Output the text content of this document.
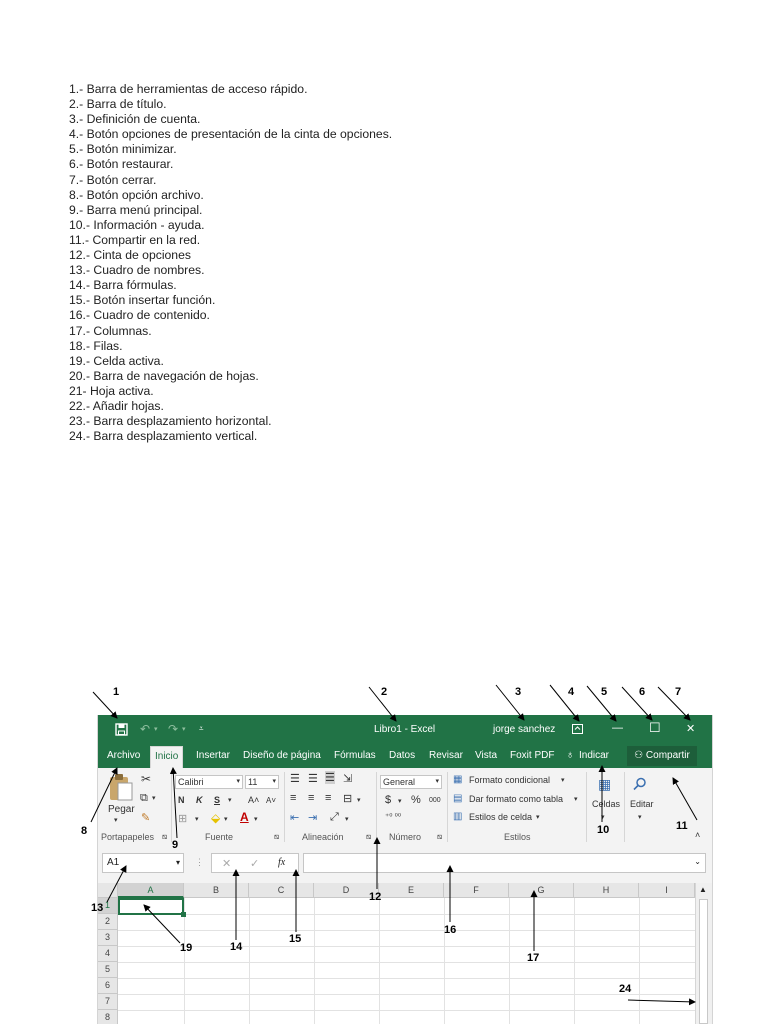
1.- Barra de herramientas de acceso rápido.
2.- Barra de título.
3.- Definición de cuenta.
4.- Botón opciones de presentación de la cinta de opciones.
5.- Botón minimizar.
6.- Botón restaurar.
7.- Botón cerrar.
8.- Botón opción archivo.
9.- Barra menú principal.
10.- Información - ayuda.
11.- Compartir en la red.
12.- Cinta de opciones
13.- Cuadro de nombres.
14.- Barra fórmulas.
15.- Botón insertar función.
16.- Cuadro de contenido.
17.- Columnas.
18.- Filas.
19.- Celda activa.
20.- Barra de navegación de hojas.
21- Hoja activa.
22.- Añadir hojas.
23.- Barra desplazamiento horizontal.
24.- Barra desplazamiento vertical.
↶ ▾ ↷ ▾ ⩡	Libro1 - Excel	jorge sanchez	— ☐ ✕
Archivo	Inicio	Insertar Diseño de página Fórmulas Datos Revisar Vista Foxit PDF ♁ Indicar	⚇ Compartir
Pegar
▾
✂
⧉ ▾
✎
Portapapeles ⧅
Calibri	▾ 11 ▾
N K S ▾ A˄ A˅
⊞ ▾ ⬙ ▾ A ▾
Fuente	⧅
☰ ☰ ☰ ⇲
≡ ≡ ≡ ⊟ ▾
⇤ ⇥ ⤢ ▾
Alineación	⧅
General	▾
$ ▾ % 000
⁺⁰ ⁰⁰
Número ⧅
▦ Formato condicional ▾
▤ Dar formato como tabla ▾
▥ Estilos de celda ▾
Estilos
▦
Celdas
▾
Editar
▾
˄
A1	▾ ⋮ ✕ ✓ fx	⌄
A	B	C	D	E	F	G	H	I
1
2
3
4
5
6
7
8
▲
1	2	3	4 5	6	7
8
9
10	11
12
13
14
15
16
17
19
24
